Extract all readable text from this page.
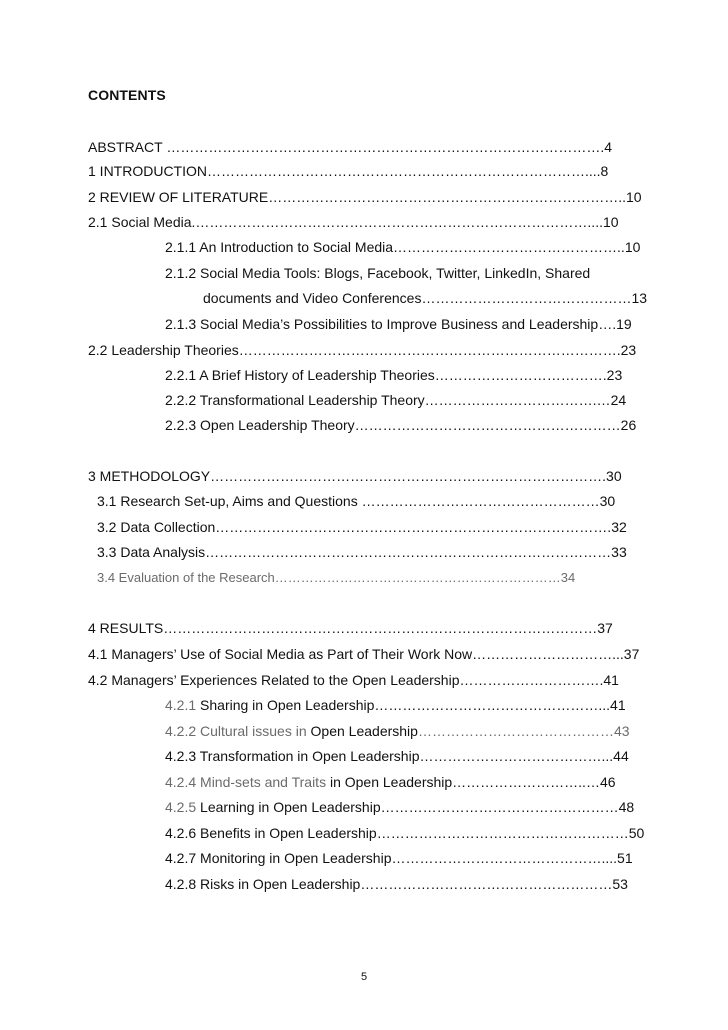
CONTENTS
ABSTRACT ………………………………………………………………………………….4
1 INTRODUCTION………………………………………………………………………....8
2 REVIEW OF LITERATURE…………………………………………………………………..10
2.1 Social Media.…………………………………………………………………………....10
2.1.1 An Introduction to Social Media…………………………………………..10
2.1.2 Social Media Tools: Blogs, Facebook, Twitter, LinkedIn, Shared
documents and Video Conferences………………………………………13
2.1.3 Social Media’s Possibilities to Improve Business and Leadership….19
2.2 Leadership Theories……………………………………………………………………….23
2.2.1 A Brief History of Leadership Theories……………………………….23
2.2.2 Transformational Leadership Theory……………………………….…24
2.2.3 Open Leadership Theory…………………………………………………26
3 METHODOLOGY………………………………………………………………………….30
3.1 Research Set-up, Aims and Questions ……………………………………………30
3.2 Data Collection………………………………………………………………………….32
3.3 Data Analysis……………………………………………………………………………33
3.4 Evaluation of the Research…………………………………………………………34
4 RESULTS…………………………………………………………………………………37
4.1 Managers’ Use of Social Media as Part of Their Work Now…………………………...37
4.2 Managers’ Experiences Related to the Open Leadership………………………….41
4.2.1 Sharing in Open Leadership…………………………………………...41
4.2.2 Cultural issues in Open Leadership……………………………………43
4.2.3 Transformation in Open Leadership…………………………………...44
4.2.4 Mind-sets and Traits in Open Leadership………………………..…46
4.2.5 Learning in Open Leadership……………………………………………48
4.2.6 Benefits in Open Leadership………………………………………………50
4.2.7 Monitoring in Open Leadership………………………………………....51
4.2.8 Risks in Open Leadership………………………………………………53
5
